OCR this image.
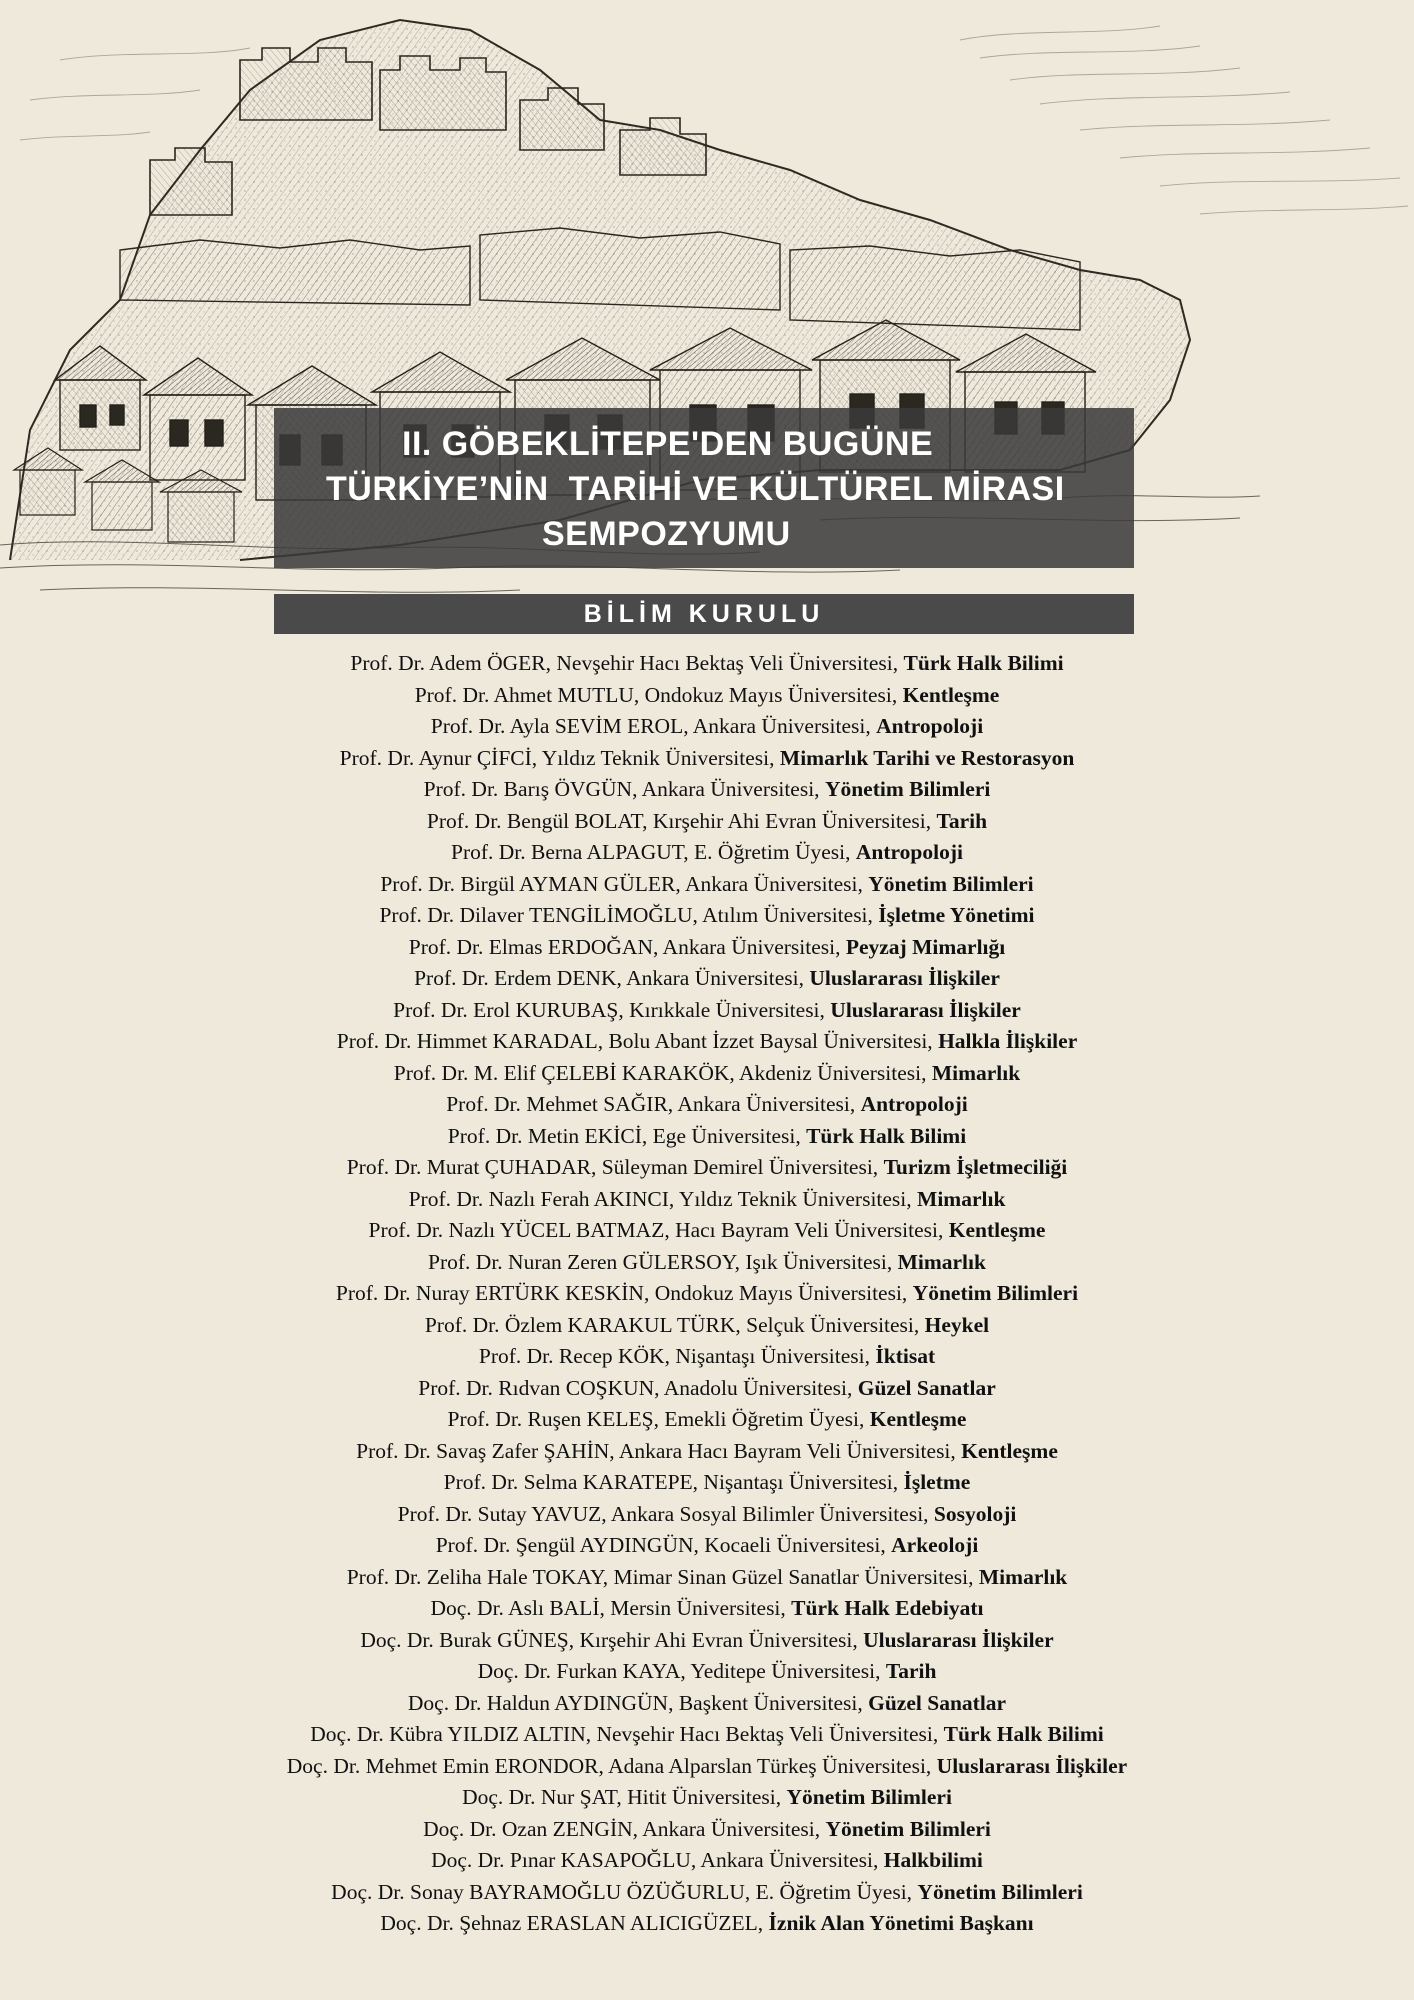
II. GÖBEKLİTEPE'DEN BUGÜNE
TÜRKİYE’NİN  TARİHİ VE KÜLTÜREL MİRASI
SEMPOZYUMU
BİLİM KURULU
Prof. Dr. Adem ÖGER, Nevşehir Hacı Bektaş Veli Üniversitesi, Türk Halk Bilimi
Prof. Dr. Ahmet MUTLU, Ondokuz Mayıs Üniversitesi, Kentleşme
Prof. Dr. Ayla SEVİM EROL, Ankara Üniversitesi, Antropoloji
Prof. Dr. Aynur ÇİFCİ, Yıldız Teknik Üniversitesi, Mimarlık Tarihi ve Restorasyon
Prof. Dr. Barış ÖVGÜN, Ankara Üniversitesi, Yönetim Bilimleri
Prof. Dr. Bengül BOLAT, Kırşehir Ahi Evran Üniversitesi, Tarih
Prof. Dr. Berna ALPAGUT, E. Öğretim Üyesi, Antropoloji
Prof. Dr. Birgül AYMAN GÜLER, Ankara Üniversitesi, Yönetim Bilimleri
Prof. Dr. Dilaver TENGİLİMOĞLU, Atılım Üniversitesi, İşletme Yönetimi
Prof. Dr. Elmas ERDOĞAN, Ankara Üniversitesi, Peyzaj Mimarlığı
Prof. Dr. Erdem DENK, Ankara Üniversitesi, Uluslararası İlişkiler
Prof. Dr. Erol KURUBAŞ, Kırıkkale Üniversitesi, Uluslararası İlişkiler
Prof. Dr. Himmet KARADAL, Bolu Abant İzzet Baysal Üniversitesi, Halkla İlişkiler
Prof. Dr. M. Elif ÇELEBİ KARAKÖK, Akdeniz Üniversitesi, Mimarlık
Prof. Dr. Mehmet SAĞIR, Ankara Üniversitesi, Antropoloji
Prof. Dr. Metin EKİCİ, Ege Üniversitesi, Türk Halk Bilimi
Prof. Dr. Murat ÇUHADAR, Süleyman Demirel Üniversitesi, Turizm İşletmeciliği
Prof. Dr. Nazlı Ferah AKINCI, Yıldız Teknik Üniversitesi, Mimarlık
Prof. Dr. Nazlı YÜCEL BATMAZ, Hacı Bayram Veli Üniversitesi, Kentleşme
Prof. Dr. Nuran Zeren GÜLERSOY, Işık Üniversitesi, Mimarlık
Prof. Dr. Nuray ERTÜRK KESKİN, Ondokuz Mayıs Üniversitesi, Yönetim Bilimleri
Prof. Dr. Özlem KARAKUL TÜRK, Selçuk Üniversitesi, Heykel
Prof. Dr. Recep KÖK, Nişantaşı Üniversitesi, İktisat
Prof. Dr. Rıdvan COŞKUN, Anadolu Üniversitesi, Güzel Sanatlar
Prof. Dr. Ruşen KELEŞ, Emekli Öğretim Üyesi, Kentleşme
Prof. Dr. Savaş Zafer ŞAHİN, Ankara Hacı Bayram Veli Üniversitesi, Kentleşme
Prof. Dr. Selma KARATEPE, Nişantaşı Üniversitesi, İşletme
Prof. Dr. Sutay YAVUZ, Ankara Sosyal Bilimler Üniversitesi, Sosyoloji
Prof. Dr. Şengül AYDINGÜN, Kocaeli Üniversitesi, Arkeoloji
Prof. Dr. Zeliha Hale TOKAY, Mimar Sinan Güzel Sanatlar Üniversitesi, Mimarlık
Doç. Dr. Aslı BALİ, Mersin Üniversitesi, Türk Halk Edebiyatı
Doç. Dr. Burak GÜNEŞ, Kırşehir Ahi Evran Üniversitesi, Uluslararası İlişkiler
Doç. Dr. Furkan KAYA, Yeditepe Üniversitesi, Tarih
Doç. Dr. Haldun AYDINGÜN, Başkent Üniversitesi, Güzel Sanatlar
Doç. Dr. Kübra YILDIZ ALTIN, Nevşehir Hacı Bektaş Veli Üniversitesi, Türk Halk Bilimi
Doç. Dr. Mehmet Emin ERONDOR, Adana Alparslan Türkeş Üniversitesi, Uluslararası İlişkiler
Doç. Dr. Nur ŞAT, Hitit Üniversitesi, Yönetim Bilimleri
Doç. Dr. Ozan ZENGİN, Ankara Üniversitesi, Yönetim Bilimleri
Doç. Dr. Pınar KASAPOĞLU, Ankara Üniversitesi, Halkbilimi
Doç. Dr. Sonay BAYRAMOĞLU ÖZÜĞURLU, E. Öğretim Üyesi, Yönetim Bilimleri
Doç. Dr. Şehnaz ERASLAN ALICIGÜZEL, İznik Alan Yönetimi Başkanı
